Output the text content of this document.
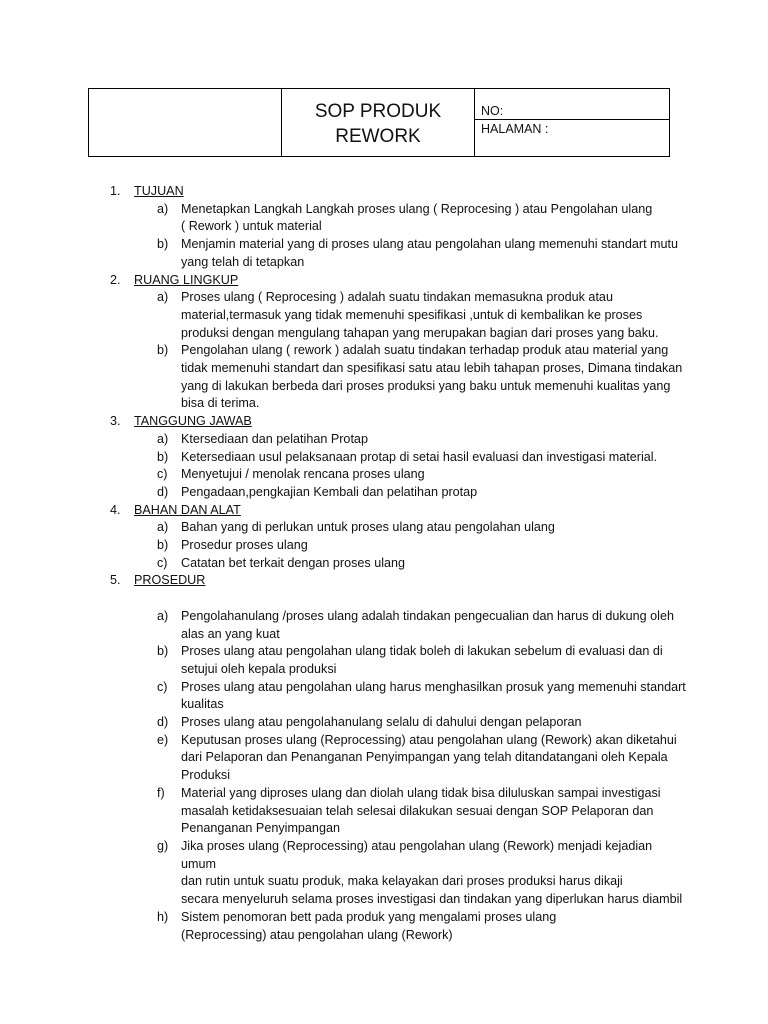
SOP PRODUK
REWORK
NO:
HALAMAN :
1. TUJUAN
a) Menetapkan Langkah Langkah proses ulang ( Reprocesing ) atau Pengolahan ulang
( Rework ) untuk material
b) Menjamin material yang di proses ulang atau pengolahan ulang memenuhi standart mutu
yang telah di tetapkan
2. RUANG LINGKUP
a) Proses ulang ( Reprocesing ) adalah suatu tindakan memasukna produk atau
material,termasuk yang tidak memenuhi spesifikasi ,untuk di kembalikan ke proses
produksi dengan mengulang tahapan yang merupakan bagian dari proses yang baku.
b) Pengolahan ulang ( rework ) adalah suatu tindakan terhadap produk atau material yang
tidak memenuhi standart dan spesifikasi satu atau lebih tahapan proses, Dimana tindakan
yang di lakukan berbeda dari proses produksi yang baku untuk memenuhi kualitas yang
bisa di terima.
3. TANGGUNG JAWAB
a) Ktersediaan dan pelatihan Protap
b) Ketersediaan usul pelaksanaan protap di setai hasil evaluasi dan investigasi material.
c) Menyetujui / menolak rencana proses ulang
d) Pengadaan,pengkajian Kembali dan pelatihan protap
4. BAHAN DAN ALAT
a) Bahan yang di perlukan untuk proses ulang atau pengolahan ulang
b) Prosedur proses ulang
c) Catatan bet terkait dengan proses ulang
5. PROSEDUR
a) Pengolahanulang /proses ulang adalah tindakan pengecualian dan harus di dukung oleh
alas an yang kuat
b) Proses ulang atau pengolahan ulang tidak boleh di lakukan sebelum di evaluasi dan di
setujui oleh kepala produksi
c) Proses ulang atau pengolahan ulang harus menghasilkan prosuk yang memenuhi standart
kualitas
d) Proses ulang atau pengolahanulang selalu di dahului dengan pelaporan
e) Keputusan proses ulang (Reprocessing) atau pengolahan ulang (Rework) akan diketahui
dari Pelaporan dan Penanganan Penyimpangan yang telah ditandatangani oleh Kepala
Produksi
f) Material yang diproses ulang dan diolah ulang tidak bisa diluluskan sampai investigasi
masalah ketidaksesuaian telah selesai dilakukan sesuai dengan SOP Pelaporan dan
Penanganan Penyimpangan
g) Jika proses ulang (Reprocessing) atau pengolahan ulang (Rework) menjadi kejadian umum
dan rutin untuk suatu produk, maka kelayakan dari proses produksi harus dikaji
secara menyeluruh selama proses investigasi dan tindakan yang diperlukan harus diambil
h) Sistem penomoran bett pada produk yang mengalami proses ulang
(Reprocessing) atau pengolahan ulang (Rework)
